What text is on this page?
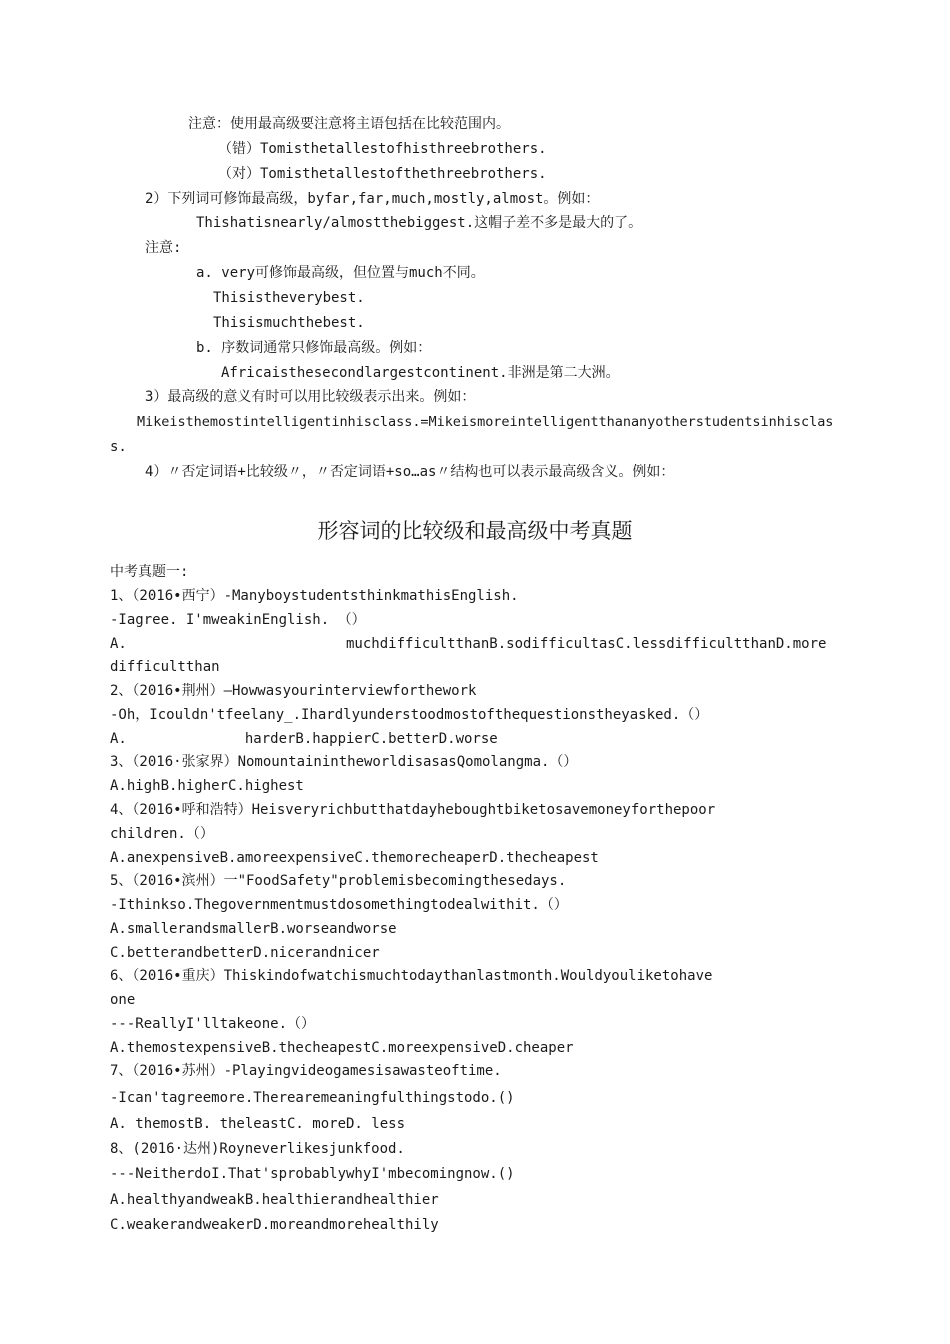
注意：使用最高级要注意将主语包括在比较范围内。
（错）Tomisthetallestofhisthreebrothers.
（对）Tomisthetallestofthethreebrothers.
2）下列词可修饰最高级，byfar,far,much,mostly,almost。例如：
Thishatisnearly/almostthebiggest.这帽子差不多是最大的了。
注意:
a. very可修饰最高级，但位置与much不同。
Thisistheverybest.
Thisismuchthebest.
b. 序数词通常只修饰最高级。例如：
Africaisthesecondlargestcontinent.非洲是第二大洲。
3）最高级的意义有时可以用比较级表示出来。例如：
Mikeisthemostintelligentinhisclass.=Mikeismoreintelligentthananyotherstudentsinhisclas
s.
4）〃否定词语+比较级〃，〃否定词语+so…as〃结构也可以表示最高级含义。例如：
形容词的比较级和最高级中考真题
中考真题一:
1、（2016•西宁）-ManyboystudentsthinkmathisEnglish.
-Iagree. I'mweakinEnglish. （）
A.                          muchdifficultthanB.sodifficultasC.lessdifficultthanD.more
difficultthan
2、（2016•荆州）—Howwasyourinterviewforthework
-Oh，Icouldn'tfeelany_.Ihardlyunderstoodmostofthequestionstheyasked.（）
A.              harderB.happierC.betterD.worse
3、（2016·张家界）NomountainintheworldisasasQomolangma.（）
A.highB.higherC.highest
4、（2016•呼和浩特）Heisveryrichbutthatdayheboughtbiketosavemoneyforthepoor
children.（）
A.anexpensiveB.amoreexpensiveC.themorecheaperD.thecheapest
5、（2016•滨州）一"FoodSafety"problemisbecomingthesedays.
-Ithinkso.Thegovernmentmustdosomethingtodealwithit.（）
A.smallerandsmallerB.worseandworse
C.betterandbetterD.nicerandnicer
6、（2016•重庆）Thiskindofwatchismuchtodaythanlastmonth.Wouldyouliketohave
one
---ReallyI'lltakeone.（）
A.themostexpensiveB.thecheapestC.moreexpensiveD.cheaper
7、（2016•苏州）-Playingvideogamesisawasteoftime.
-Ican'tagreemore.Therearemeaningfulthingstodo.()
A. themostB. theleastC. moreD. less
8、(2016·达州)Royneverlikesjunkfood.
---NeitherdoI.That'sprobablywhyI'mbecomingnow.()
A.healthyandweakB.healthierandhealthier
C.weakerandweakerD.moreandmorehealthily
